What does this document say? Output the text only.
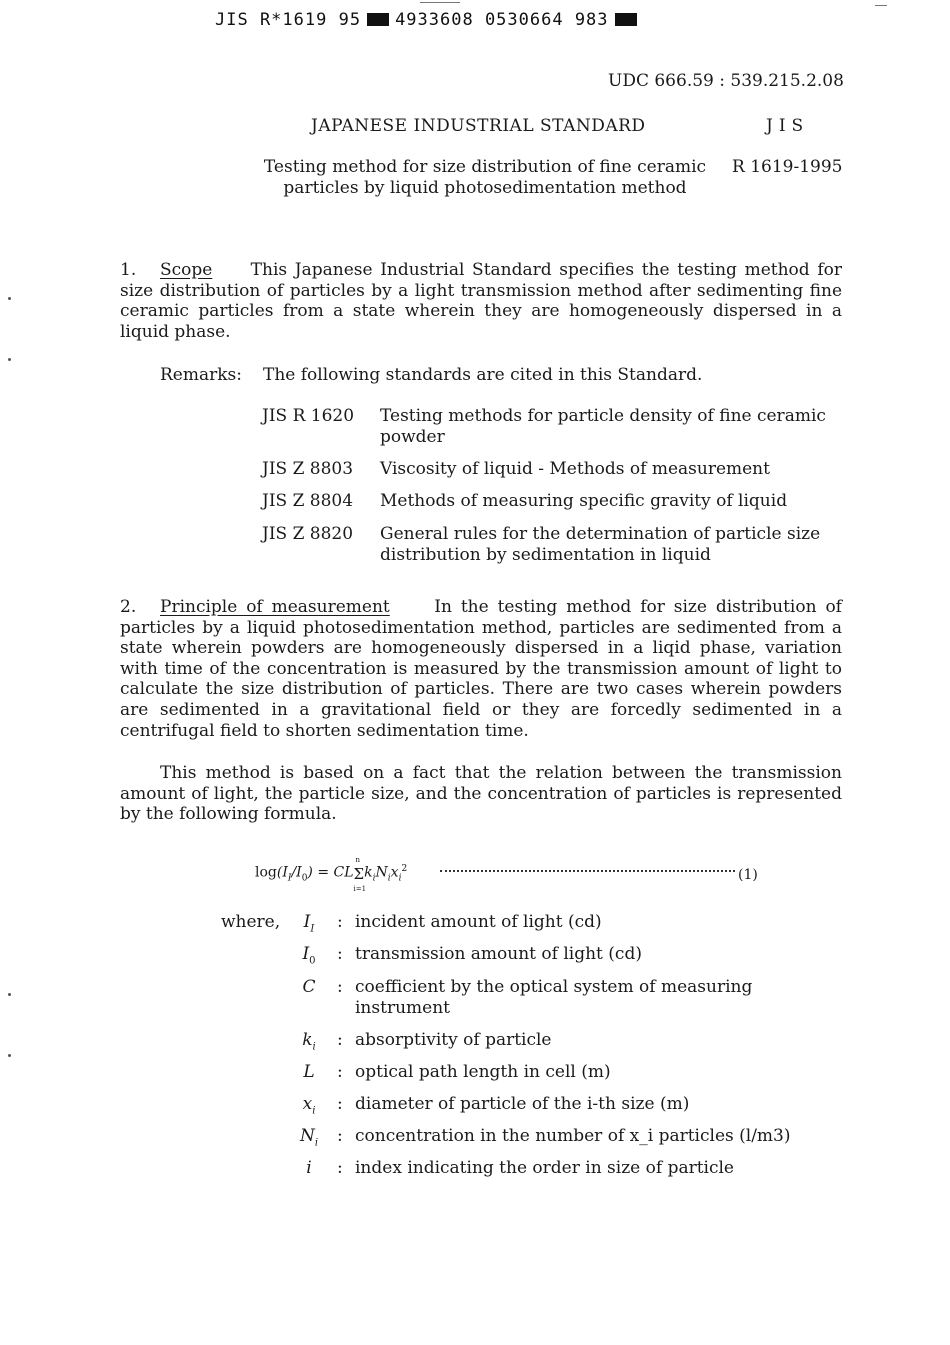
JIS R*1619 95 4933608 0530664 983
UDC 666.59 : 539.215.2.08
JAPANESE INDUSTRIAL STANDARD	JIS
Testing method for size distribution of fine ceramic
particles by liquid photosedimentation method
R 1619-1995
1. Scope This Japanese Industrial Standard specifies the testing method for size distribution of particles by a light transmission method after sedimenting fine ceramic particles from a state wherein they are homogeneously dispersed in a liquid phase.
Remarks: The following standards are cited in this Standard.
JIS R 1620 Testing methods for particle density of fine ceramic powder
JIS Z 8803 Viscosity of liquid - Methods of measurement
JIS Z 8804 Methods of measuring specific gravity of liquid
JIS Z 8820 General rules for the determination of particle size distribution by sedimentation in liquid
2. Principle of measurement	In the testing method for size distribution of particles by a liquid photosedimentation method, particles are sedimented from a state wherein powders are homogeneously dispersed in a liqid phase, variation with time of the concentration is measured by the transmission amount of light to calculate the size distribution of particles. There are two cases wherein powders are sedimented in a gravitational field or they are forcedly sedimented in a centrifugal field to shorten sedimentation time.
This method is based on a fact that the relation between the transmission amount of light, the particle size, and the concentration of particles is represented by the following formula.
$\log(I_I/I_0)$ = CL
n
Σ
i=1
$k_iN_ix_i^2$	(1)
where,	$I_I$	: incident amount of light (cd)
$I_0$	: transmission amount of light (cd)
C	: coefficient by the optical system of measuring instrument
$k_i$	: absorptivity of particle
L	: optical path length in cell (m)
$x_i$	: diameter of particle of the i-th size (m)
$N_i$ : concentration in the number of x_i particles (l/m3)
i	: index indicating the order in size of particle
